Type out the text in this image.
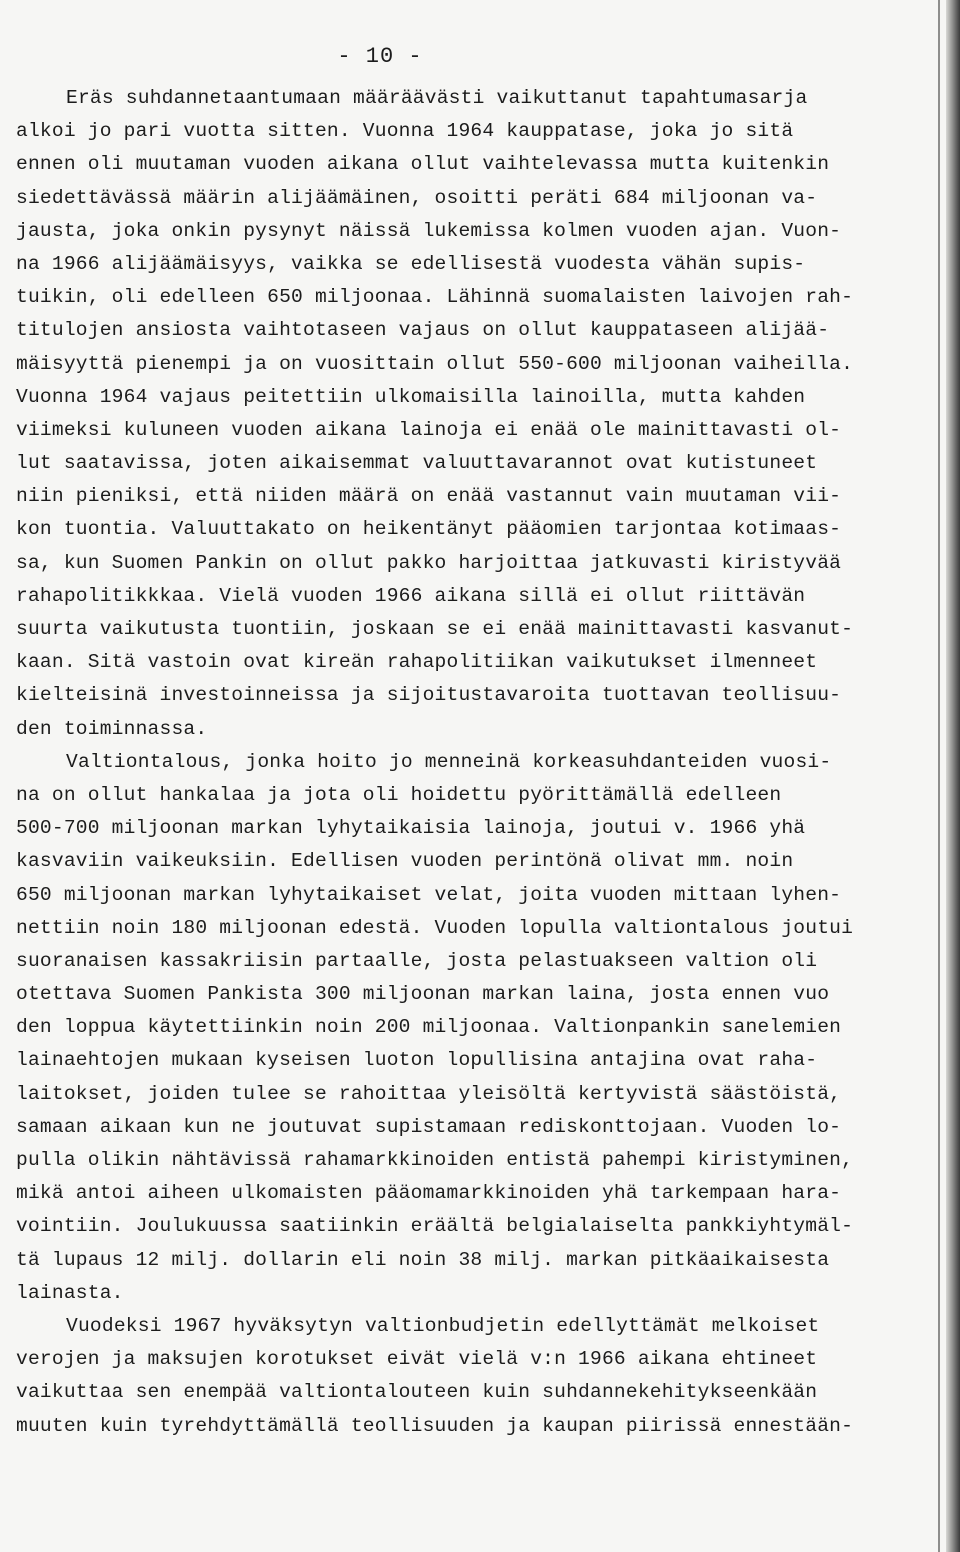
- 10 -
Eräs suhdannetaantumaan määräävästi vaikuttanut tapahtumasarja
alkoi jo pari vuotta sitten. Vuonna 1964 kauppatase, joka jo sitä
ennen oli muutaman vuoden aikana ollut vaihtelevassa mutta kuitenkin
siedettävässä määrin alijäämäinen, osoitti peräti 684 miljoonan va-
jausta, joka onkin pysynyt näissä lukemissa kolmen vuoden ajan. Vuon-
na 1966 alijäämäisyys, vaikka se edellisestä vuodesta vähän supis-
tuikin, oli edelleen 650 miljoonaa. Lähinnä suomalaisten laivojen rah-
titulojen ansiosta vaihtotaseen vajaus on ollut kauppataseen alijää-
mäisyyttä pienempi ja on vuosittain ollut 550-600 miljoonan vaiheilla.
Vuonna 1964 vajaus peitettiin ulkomaisilla lainoilla, mutta kahden
viimeksi kuluneen vuoden aikana lainoja ei enää ole mainittavasti ol-
lut saatavissa, joten aikaisemmat valuuttavarannot ovat kutistuneet
niin pieniksi, että niiden määrä on enää vastannut vain muutaman vii-
kon tuontia. Valuuttakato on heikentänyt pääomien tarjontaa kotimaas-
sa, kun Suomen Pankin on ollut pakko harjoittaa jatkuvasti kiristyvää
rahapolitikkkaa. Vielä vuoden 1966 aikana sillä ei ollut riittävän
suurta vaikutusta tuontiin, joskaan se ei enää mainittavasti kasvanut-
kaan. Sitä vastoin ovat kireän rahapolitiikan vaikutukset ilmenneet
kielteisinä investoinneissa ja sijoitustavaroita tuottavan teollisuu-
den toiminnassa.
Valtiontalous, jonka hoito jo menneinä korkeasuhdanteiden vuosi-
na on ollut hankalaa ja jota oli hoidettu pyörittämällä edelleen
500-700 miljoonan markan lyhytaikaisia lainoja, joutui v. 1966 yhä
kasvaviin vaikeuksiin. Edellisen vuoden perintönä olivat mm. noin
650 miljoonan markan lyhytaikaiset velat, joita vuoden mittaan lyhen-
nettiin noin 180 miljoonan edestä. Vuoden lopulla valtiontalous joutui
suoranaisen kassakriisin partaalle, josta pelastuakseen valtion oli
otettava Suomen Pankista 300 miljoonan markan laina, josta ennen vuo
den loppua käytettiinkin noin 200 miljoonaa. Valtionpankin sanelemien
lainaehtojen mukaan kyseisen luoton lopullisina antajina ovat raha-
laitokset, joiden tulee se rahoittaa yleisöltä kertyvistä säästöistä,
samaan aikaan kun ne joutuvat supistamaan rediskonttojaan. Vuoden lo-
pulla olikin nähtävissä rahamarkkinoiden entistä pahempi kiristyminen,
mikä antoi aiheen ulkomaisten pääomamarkkinoiden yhä tarkempaan hara-
vointiin. Joulukuussa saatiinkin eräältä belgialaiselta pankkiyhtymäl-
tä lupaus 12 milj. dollarin eli noin 38 milj. markan pitkäaikaisesta
lainasta.
Vuodeksi 1967 hyväksytyn valtionbudjetin edellyttämät melkoiset
verojen ja maksujen korotukset eivät vielä v:n 1966 aikana ehtineet
vaikuttaa sen enempää valtiontalouteen kuin suhdannekehitykseenkään
muuten kuin tyrehdyttämällä teollisuuden ja kaupan piirissä ennestään-
